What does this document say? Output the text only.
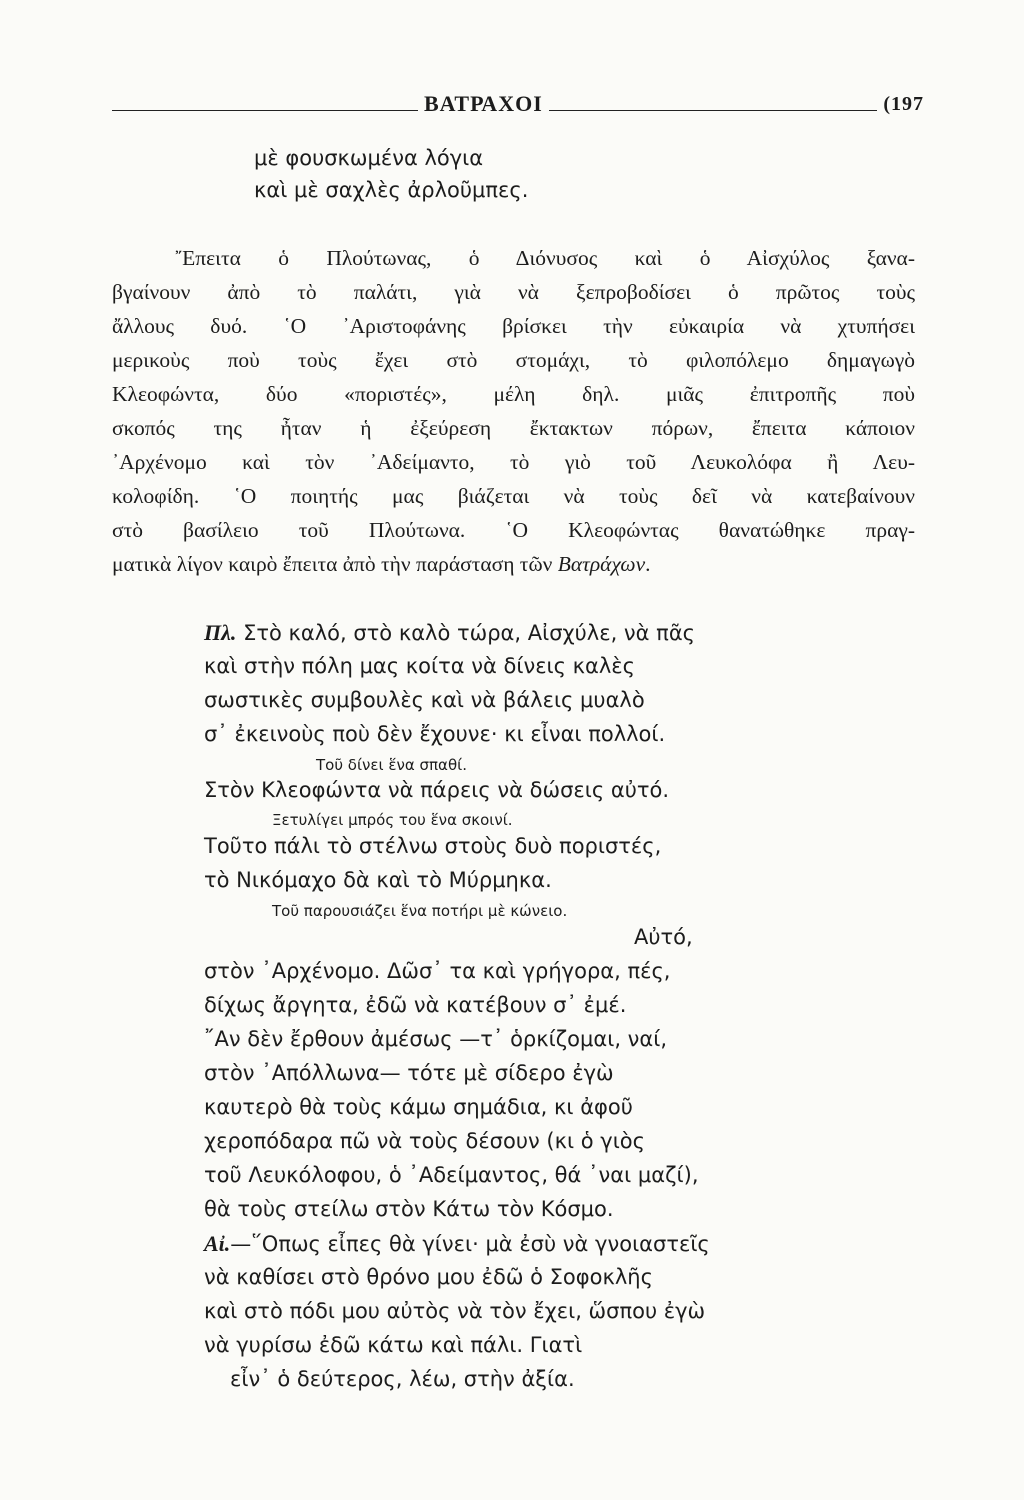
ΒΑΤΡΑΧΟΙ	(197
μὲ φουσκωμένα λόγια
καὶ μὲ σαχλὲς ἀρλοῦμπες.
῎Επειτα ὁ Πλούτωνας, ὁ Διόνυσος καὶ ὁ Αἰσχύλος ξανα-
βγαίνουν ἀπὸ τὸ παλάτι, γιὰ νὰ ξεπροβοδίσει ὁ πρῶτος τοὺς
ἄλλους δυό. ῾Ο ᾿Αριστοφάνης βρίσκει τὴν εὐκαιρία νὰ χτυπήσει
μερικοὺς ποὺ τοὺς ἔχει στὸ στομάχι, τὸ φιλοπόλεμο δημαγωγὸ
Κλεοφώντα, δύο «ποριστές», μέλη δηλ. μιᾶς ἐπιτροπῆς ποὺ
σκοπός της ἦταν ἡ ἐξεύρεση ἔκτακτων πόρων, ἔπειτα κάποιον
᾿Αρχένομο καὶ τὸν ᾿Αδείμαντο, τὸ γιὸ τοῦ Λευκολόφα ἢ Λευ-
κολοφίδη. ῾Ο ποιητής μας βιάζεται νὰ τοὺς δεῖ νὰ κατεβαίνουν
στὸ βασίλειο τοῦ Πλούτωνα. ῾Ο Κλεοφώντας θανατώθηκε πραγ-
ματικὰ λίγον καιρὸ ἔπειτα ἀπὸ τὴν παράσταση τῶν Βατράχων.
Πλ. Στὸ καλό, στὸ καλὸ τώρα, Αἰσχύλε, νὰ πᾶς
καὶ στὴν πόλη μας κοίτα νὰ δίνεις καλὲς
σωστικὲς συμβουλὲς καὶ νὰ βάλεις μυαλὸ
σ᾿ ἐκεινοὺς ποὺ δὲν ἔχουνε· κι εἶναι πολλοί.
Τοῦ δίνει ἕνα σπαθί.
Στὸν Κλεοφώντα νὰ πάρεις νὰ δώσεις αὐτό.
Ξετυλίγει μπρός του ἕνα σκοινί.
Τοῦτο πάλι τὸ στέλνω στοὺς δυὸ ποριστές,
τὸ Νικόμαχο δὰ καὶ τὸ Μύρμηκα.
Τοῦ παρουσιάζει ἕνα ποτήρι μὲ κώνειο.
Αὐτό,
στὸν ᾿Αρχένομο. Δῶσ᾿ τα καὶ γρήγορα, πές,
δίχως ἄργητα, ἐδῶ νὰ κατέβουν σ᾿ ἐμέ.
῎Αν δὲν ἔρθουν ἀμέσως —τ᾿ ὁρκίζομαι, ναί,
στὸν ᾿Απόλλωνα— τότε μὲ σίδερο ἐγὼ
καυτερὸ θὰ τοὺς κάμω σημάδια, κι ἀφοῦ
χεροπόδαρα πῶ νὰ τοὺς δέσουν (κι ὁ γιὸς
τοῦ Λευκόλοφου, ὁ ᾿Αδείμαντος, θά ᾿ναι μαζί),
θὰ τοὺς στείλω στὸν Κάτω τὸν Κόσμο.
Αἰ.—῞Οπως εἶπες θὰ γίνει· μὰ ἐσὺ νὰ γνοιαστεῖς
νὰ καθίσει στὸ θρόνο μου ἐδῶ ὁ Σοφοκλῆς
καὶ στὸ πόδι μου αὐτὸς νὰ τὸν ἔχει, ὥσπου ἐγὼ
νὰ γυρίσω ἐδῶ κάτω καὶ πάλι. Γιατὶ
εἶν᾿ ὁ δεύτερος, λέω, στὴν ἀξία.
